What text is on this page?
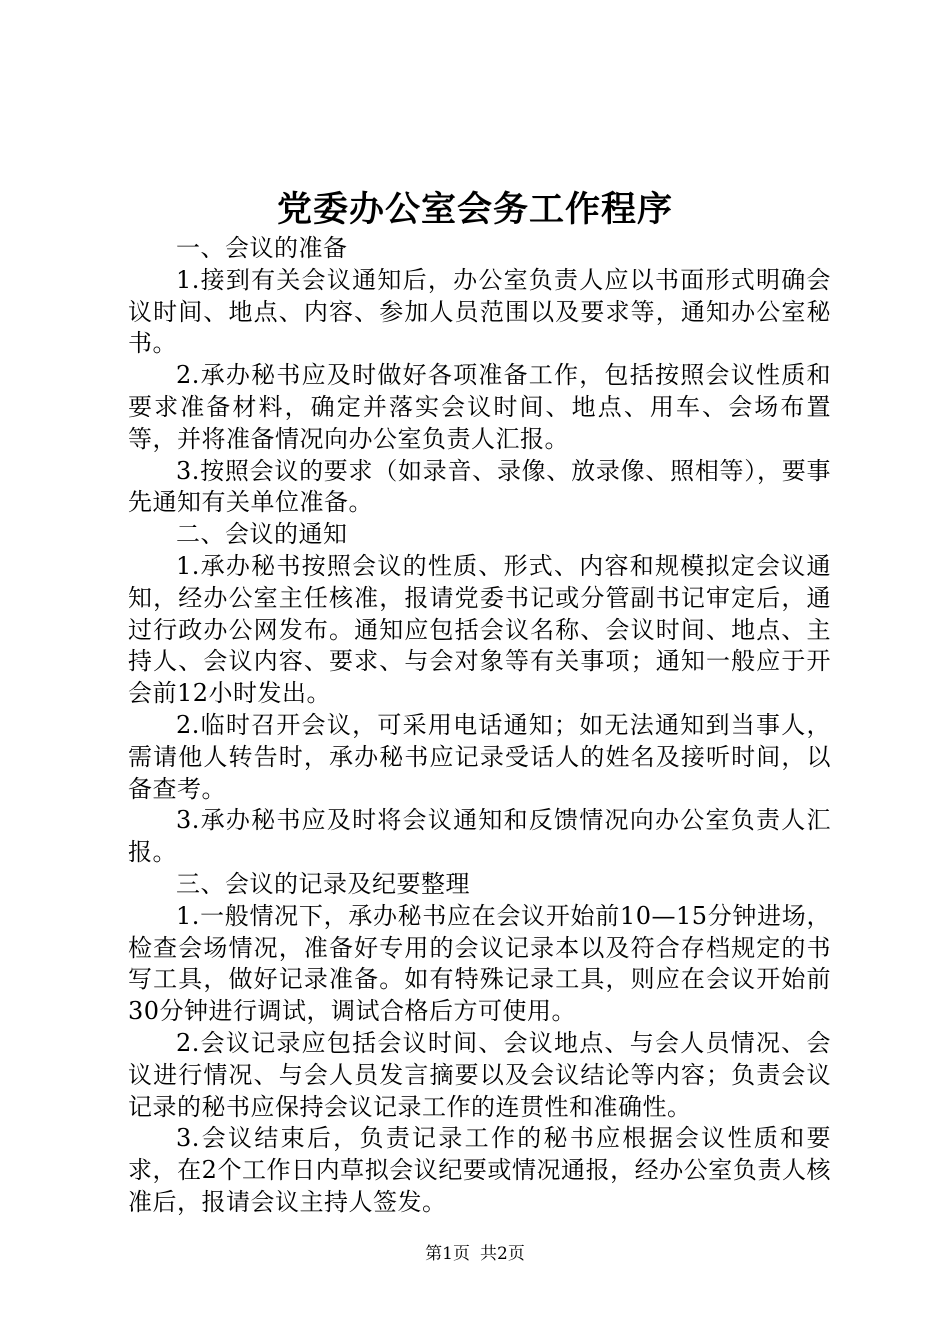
党委办公室会务工作程序

一、会议的准备

1.接到有关会议通知后，办公室负责人应以书面形式明确会议时间、地点、内容、参加人员范围以及要求等，通知办公室秘书。

2.承办秘书应及时做好各项准备工作，包括按照会议性质和要求准备材料，确定并落实会议时间、地点、用车、会场布置等，并将准备情况向办公室负责人汇报。

3.按照会议的要求（如录音、录像、放录像、照相等），要事先通知有关单位准备。

二、会议的通知

1.承办秘书按照会议的性质、形式、内容和规模拟定会议通知，经办公室主任核准，报请党委书记或分管副书记审定后，通过行政办公网发布。通知应包括会议名称、会议时间、地点、主持人、会议内容、要求、与会对象等有关事项；通知一般应于开会前12小时发出。

2.临时召开会议，可采用电话通知；如无法通知到当事人，需请他人转告时，承办秘书应记录受话人的姓名及接听时间，以备查考。

3.承办秘书应及时将会议通知和反馈情况向办公室负责人汇报。

三、会议的记录及纪要整理

1.一般情况下，承办秘书应在会议开始前10—15分钟进场，检查会场情况，准备好专用的会议记录本以及符合存档规定的书写工具，做好记录准备。如有特殊记录工具，则应在会议开始前30分钟进行调试，调试合格后方可使用。

2.会议记录应包括会议时间、会议地点、与会人员情况、会议进行情况、与会人员发言摘要以及会议结论等内容；负责会议记录的秘书应保持会议记录工作的连贯性和准确性。

3.会议结束后，负责记录工作的秘书应根据会议性质和要求，在2个工作日内草拟会议纪要或情况通报，经办公室负责人核准后，报请会议主持人签发。

第1页 共2页
